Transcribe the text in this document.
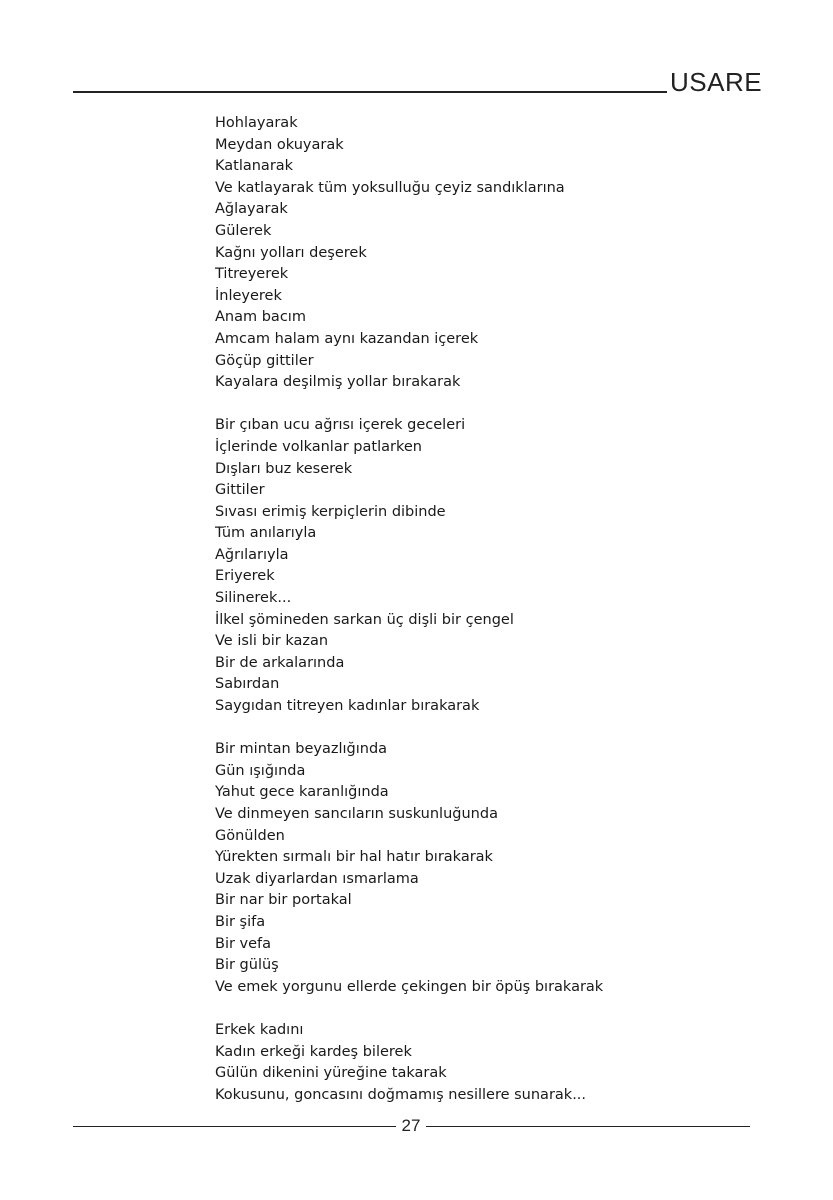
USARE
Hohlayarak
Meydan okuyarak
Katlanarak
Ve katlayarak tüm yoksulluğu çeyiz sandıklarına
Ağlayarak
Gülerek
Kağnı yolları deşerek
Titreyerek
İnleyerek
Anam bacım
Amcam halam aynı kazandan içerek
Göçüp gittiler
Kayalara deşilmiş yollar bırakarak
Bir çıban ucu ağrısı içerek geceleri
İçlerinde volkanlar patlarken
Dışları buz keserek
Gittiler
Sıvası erimiş kerpiçlerin dibinde
Tüm anılarıyla
Ağrılarıyla
Eriyerek
Silinerek...
İlkel şömineden sarkan üç dişli bir çengel
Ve isli bir kazan
Bir de arkalarında
Sabırdan
Saygıdan titreyen kadınlar bırakarak
Bir mintan beyazlığında
Gün ışığında
Yahut gece karanlığında
Ve dinmeyen sancıların suskunluğunda
Gönülden
Yürekten sırmalı bir hal hatır bırakarak
Uzak diyarlardan ısmarlama
Bir nar bir portakal
Bir şifa
Bir vefa
Bir gülüş
Ve emek yorgunu ellerde çekingen bir öpüş bırakarak
Erkek kadını
Kadın erkeği kardeş bilerek
Gülün dikenini yüreğine takarak
Kokusunu, goncasını doğmamış nesillere sunarak...
27
